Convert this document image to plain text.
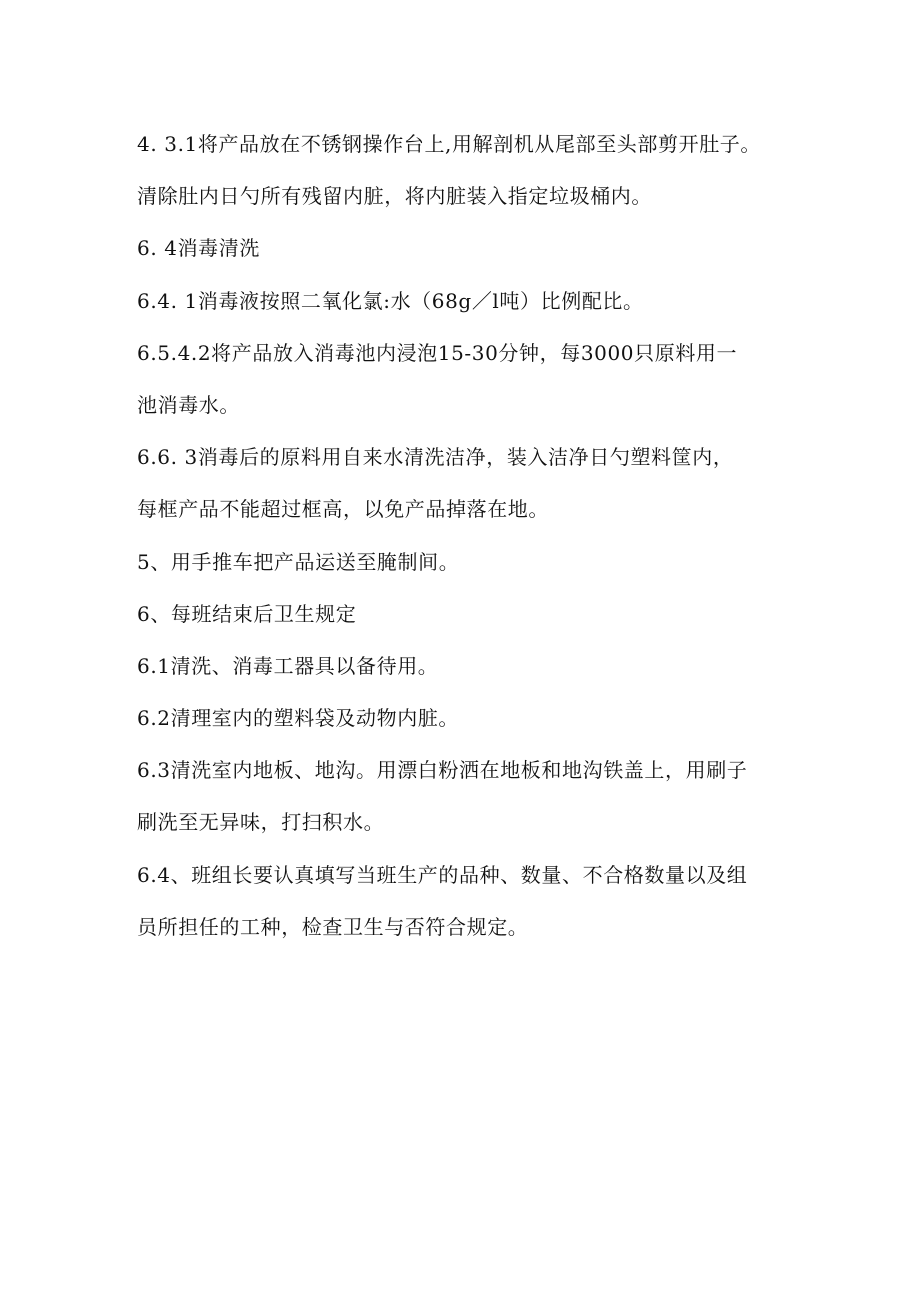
4. 3.1将产品放在不锈钢操作台上,用解剖机从尾部至头部剪开肚子。
清除肚内日勺所有残留内脏，将内脏装入指定垃圾桶内。
6. 4消毒清洗
6.4. 1消毒液按照二氧化氯:水（68g／l吨）比例配比。
6.5.4.2将产品放入消毒池内浸泡15-30分钟，每3000只原料用一
池消毒水。
6.6. 3消毒后的原料用自来水清洗洁净，装入洁净日勺塑料筐内，
每框产品不能超过框高，以免产品掉落在地。
5、用手推车把产品运送至腌制间。
6、每班结束后卫生规定
6.1清洗、消毒工器具以备待用。
6.2清理室内的塑料袋及动物内脏。
6.3清洗室内地板、地沟。用漂白粉洒在地板和地沟铁盖上，用刷子
刷洗至无异味，打扫积水。
6.4、班组长要认真填写当班生产的品种、数量、不合格数量以及组
员所担任的工种，检查卫生与否符合规定。
